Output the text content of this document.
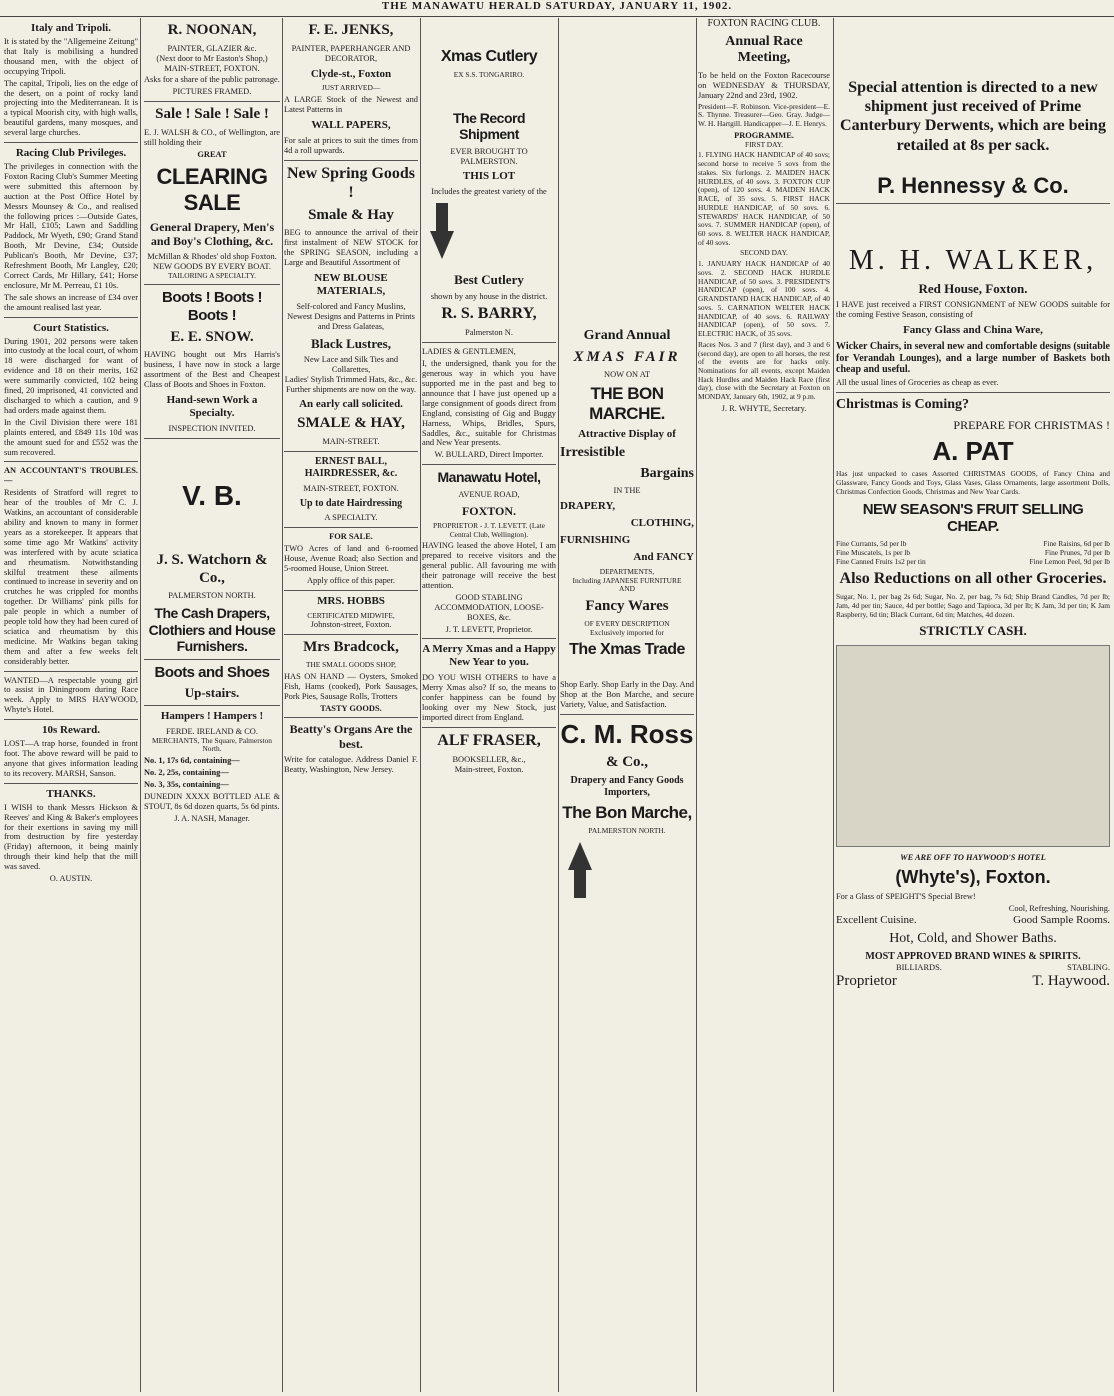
THE MANAWATU HERALD SATURDAY, JANUARY 11, 1902.
Italy and Tripoli.

It is stated by the "Allgemeine Zeitung" that Italy is mobilising a hundred thousand men, with the object of occupying Tripoli.

The capital, Tripoli, lies on the edge of the desert, on a point of rocky land projecting into the Mediterranean. It is a typical Moorish city, with high walls, beautiful gardens, many mosques, and several large churches.

Racing Club Privileges.

The privileges in connection with the Foxton Racing Club's Summer Meeting were submitted this afternoon by auction at the Post Office Hotel by Messrs Mounsey & Co., and realised the following prices :—Outside Gates, Mr Hall, £105; Lawn and Saddling Paddock, Mr Wyeth, £90; Grand Stand Booth, Mr Devine, £34; Outside Publican's Booth, Mr Devine, £37; Refreshment Booth, Mr Langley, £20; Correct Cards, Mr Hillary, £41; Horse enclosure, Mr M. Perreau, £1 10s.

The sale shows an increase of £34 over the amount realised last year.

Court Statistics.

During 1901, 202 persons were taken into custody at the local court, of whom 18 were discharged for want of evidence and 18 on their merits, 162 were summarily convicted, 102 being fined, 20 imprisoned, 41 convicted and discharged to which a caution, and 9 had orders made against them.

In the Civil Division there were 181 plaints entered, and £849 11s 10d was the amount sued for and £552 was the sum recovered.

AN ACCOUNTANT'S TROUBLES.—

Residents of Stratford will regret to hear of the troubles of Mr C. J. Watkins, an accountant of considerable ability and known to many in former years as a storekeeper. It appears that some time ago Mr Watkins' activity was interfered with by acute sciatica and rheumatism. Notwithstanding skilful treatment these ailments continued to increase in severity and on crutches he was crippled for months together. Dr Williams' pink pills for pale people in which a number of people told how they had been cured of sciatica and rheumatism by this medicine. Mr Watkins began taking them and after a few weeks felt considerably better.

WANTED—A respectable young girl to assist in Diningroom during Race week. Apply to MRS HAYWOOD, Whyte's Hotel.

10s Reward.

LOST—A trap horse, founded in front foot. The above reward will be paid to anyone that gives information leading to its recovery. MARSH, Sanson.

THANKS.

I WISH to thank Messrs Hickson & Reeves' and King & Baker's employees for their exertions in saving my mill from destruction by fire yesterday (Friday) afternoon, it being mainly through their kind help that the mill was saved.

O. AUSTIN.

R. NOONAN,
PAINTER, GLAZIER &c.
(Next door to Mr Easton's Shop,) MAIN-STREET, FOXTON.

Asks for a share of the public patronage.

PICTURES FRAMED.
Sale ! Sale ! Sale !

E. J. WALSH & CO., of Wellington, are still holding their

GREAT
CLEARING SALE
General Drapery, Men's and Boy's Clothing, &c.
McMillan & Rhodes' old shop Foxton.
NEW GOODS BY EVERY BOAT.
TAILORING A SPECIALTY.
Boots ! Boots ! Boots !
E. E. SNOW.

HAVING bought out Mrs Harris's business, I have now in stock a large assortment of the Best and Cheapest Class of Boots and Shoes in Foxton.

Hand-sewn Work a Specialty.
INSPECTION INVITED.
V. B.
J. S. Watchorn & Co.,
PALMERSTON NORTH.
The Cash Drapers, Clothiers and House Furnishers.
Boots and Shoes
Up-stairs.
Hampers ! Hampers !
FERDE. IRELAND & CO.
MERCHANTS, The Square, Palmerston North.

No. 1, 17s 6d, containing—

No. 2, 25s, containing—

No. 3, 35s, containing—

DUNEDIN XXXX BOTTLED ALE & STOUT, 8s 6d dozen quarts, 5s 6d pints.

J. A. NASH, Manager.

F. E. JENKS,
PAINTER, PAPERHANGER AND DECORATOR,
Clyde-st., Foxton
JUST ARRIVED—

A LARGE Stock of the Newest and Latest Patterns in

WALL PAPERS,

For sale at prices to suit the times from 4d a roll upwards.

New Spring Goods !
Smale & Hay

BEG to announce the arrival of their first instalment of NEW STOCK for the SPRING SEASON, including a Large and Beautiful Assortment of

NEW BLOUSE MATERIALS,
Self-colored and Fancy Muslins,
Newest Designs and Patterns in Prints and Dress Galateas,
Black Lustres,
New Lace and Silk Ties and Collarettes,
Ladies' Stylish Trimmed Hats, &c., &c.
Further shipments are now on the way.
An early call solicited.
SMALE & HAY,
MAIN-STREET.
ERNEST BALL, HAIRDRESSER, &c.
MAIN-STREET, FOXTON.
Up to date Hairdressing
A SPECIALTY.
FOR SALE.

TWO Acres of land and 6-roomed House, Avenue Road; also Section and 5-roomed House, Union Street.

Apply office of this paper.
MRS. HOBBS
CERTIFICATED MIDWIFE,
Johnston-street, Foxton.
Mrs Bradcock,
THE SMALL GOODS SHOP,

HAS ON HAND — Oysters, Smoked Fish, Hams (cooked), Pork Sausages, Pork Pies, Sausage Rolls, Trotters

TASTY GOODS.
Beatty's Organs Are the best.

Write for catalogue. Address Daniel F. Beatty, Washington, New Jersey.

Xmas Cutlery
EX S.S. TONGARIRO.
The Record Shipment
EVER BROUGHT TO PALMERSTON.
THIS LOT
Includes the greatest variety of the
Best Cutlery
shown by any house in the district.
R. S. BARRY,
Palmerston N.

LADIES & GENTLEMEN,

I, the undersigned, thank you for the generous way in which you have supported me in the past and beg to announce that I have just opened up a large consignment of goods direct from England, consisting of Gig and Buggy Harness, Whips, Bridles, Spurs, Saddles, &c., suitable for Christmas and New Year presents.

W. BULLARD, Direct Importer.

Manawatu Hotel,
AVENUE ROAD,
FOXTON.
PROPRIETOR - J. T. LEVETT. (Late Central Club, Wellington).

HAVING leased the above Hotel, I am prepared to receive visitors and the general public. All favouring me with their patronage will receive the best attention.

GOOD STABLING ACCOMMODATION, LOOSE-BOXES, &c.

J. T. LEVETT, Proprietor.

A Merry Xmas and a Happy New Year to you.

DO YOU WISH OTHERS to have a Merry Xmas also? If so, the means to confer happiness can be found by looking over my New Stock, just imported direct from England.

ALF FRASER,
BOOKSELLER, &c.,
Main-street, Foxton.
Grand Annual
XMAS FAIR
NOW ON AT
THE BON MARCHE.
Attractive Display of
Irresistible
Bargains
IN THE
DRAPERY,
CLOTHING,
FURNISHING
And FANCY
DEPARTMENTS,
Including JAPANESE FURNITURE
AND
Fancy Wares
OF EVERY DESCRIPTION
Exclusively imported for
The Xmas Trade

Shop Early. Shop Early in the Day. And Shop at the Bon Marche, and secure Variety, Value, and Satisfaction.

C. M. Ross
& Co.,
Drapery and Fancy Goods Importers,
The Bon Marche,
PALMERSTON NORTH.
FOXTON RACING CLUB.
Annual Race Meeting,

To be held on the Foxton Racecourse on WEDNESDAY & THURSDAY, January 22nd and 23rd, 1902.

President—F. Robinson. Vice-president—E. S. Thynne. Treasurer—Geo. Gray. Judge—W. H. Hartgill. Handicapper—J. E. Henrys.

PROGRAMME.
FIRST DAY.

1. FLYING HACK HANDICAP of 40 sovs; second horse to receive 5 sovs from the stakes. Six furlongs. 2. MAIDEN HACK HURDLES, of 40 sovs. 3. FOXTON CUP (open), of 120 sovs. 4. MAIDEN HACK RACE, of 35 sovs. 5. FIRST HACK HURDLE HANDICAP, of 50 sovs. 6. STEWARDS' HACK HANDICAP, of 50 sovs. 7. SUMMER HANDICAP (open), of 60 sovs. 8. WELTER HACK HANDICAP, of 40 sovs.

SECOND DAY.

1. JANUARY HACK HANDICAP of 40 sovs. 2. SECOND HACK HURDLE HANDICAP, of 50 sovs. 3. PRESIDENT'S HANDICAP (open), of 100 sovs. 4. GRANDSTAND HACK HANDICAP, of 40 sovs. 5. CARNATION WELTER HACK HANDICAP, of 40 sovs. 6. RAILWAY HANDICAP (open), of 50 sovs. 7. ELECTRIC HACK, of 35 sovs.

Races Nos. 3 and 7 (first day), and 3 and 6 (second day), are open to all horses, the rest of the events are for hacks only. Nominations for all events, except Maiden Hack Hurdles and Maiden Hack Race (first day), close with the Secretary at Foxton on MONDAY, January 6th, 1902, at 9 p.m.

J. R. WHYTE, Secretary.

Special attention is directed to a new shipment just received of Prime Canterbury Derwents, which are being retailed at 8s per sack.
P. Hennessy & Co.
M. H. WALKER,
Red House, Foxton.

I HAVE just received a FIRST CONSIGNMENT of NEW GOODS suitable for the coming Festive Season, consisting of

Fancy Glass and China Ware,

Wicker Chairs, in several new and comfortable designs (suitable for Verandah Lounges), and a large number of Baskets both cheap and useful.

All the usual lines of Groceries as cheap as ever.

Christmas is Coming?
PREPARE FOR CHRISTMAS !
A. PAT

Has just unpacked to cases Assorted CHRISTMAS GOODS, of Fancy China and Glassware, Fancy Goods and Toys, Glass Vases, Glass Ornaments, large assortment Dolls, Christmas Confection Goods, Christmas and New Year Cards.

NEW SEASON'S FRUIT SELLING CHEAP.
Fine Currants, 5d per lb	Fine Raisins, 6d per lb
Fine Muscatels, 1s per lb	Fine Prunes, 7d per lb
Fine Canned Fruits 1s2 per tin	Fine Lemon Peel, 9d per lb
Also Reductions on all other Groceries.

Sugar, No. 1, per bag 2s 6d; Sugar, No. 2, per bag, 7s 6d; Ship Brand Candles, 7d per lb; Jam, 4d per tin; Sauce, 4d per bottle; Sago and Tapioca, 3d per lb; K Jam, 3d per tin; K Jam Raspberry, 6d tin; Black Currant, 6d tin; Matches, 4d dozen.

STRICTLY CASH.
WE ARE OFF TO HAYWOOD'S HOTEL
(Whyte's), Foxton.

For a Glass of SPEIGHT'S Special Brew!

Cool, Refreshing, Nourishing.
Excellent Cuisine.	Good Sample Rooms.
Hot, Cold, and Shower Baths.
MOST APPROVED BRAND WINES & SPIRITS.
BILLIARDS.	STABLING.
Proprietor	T. Haywood.
